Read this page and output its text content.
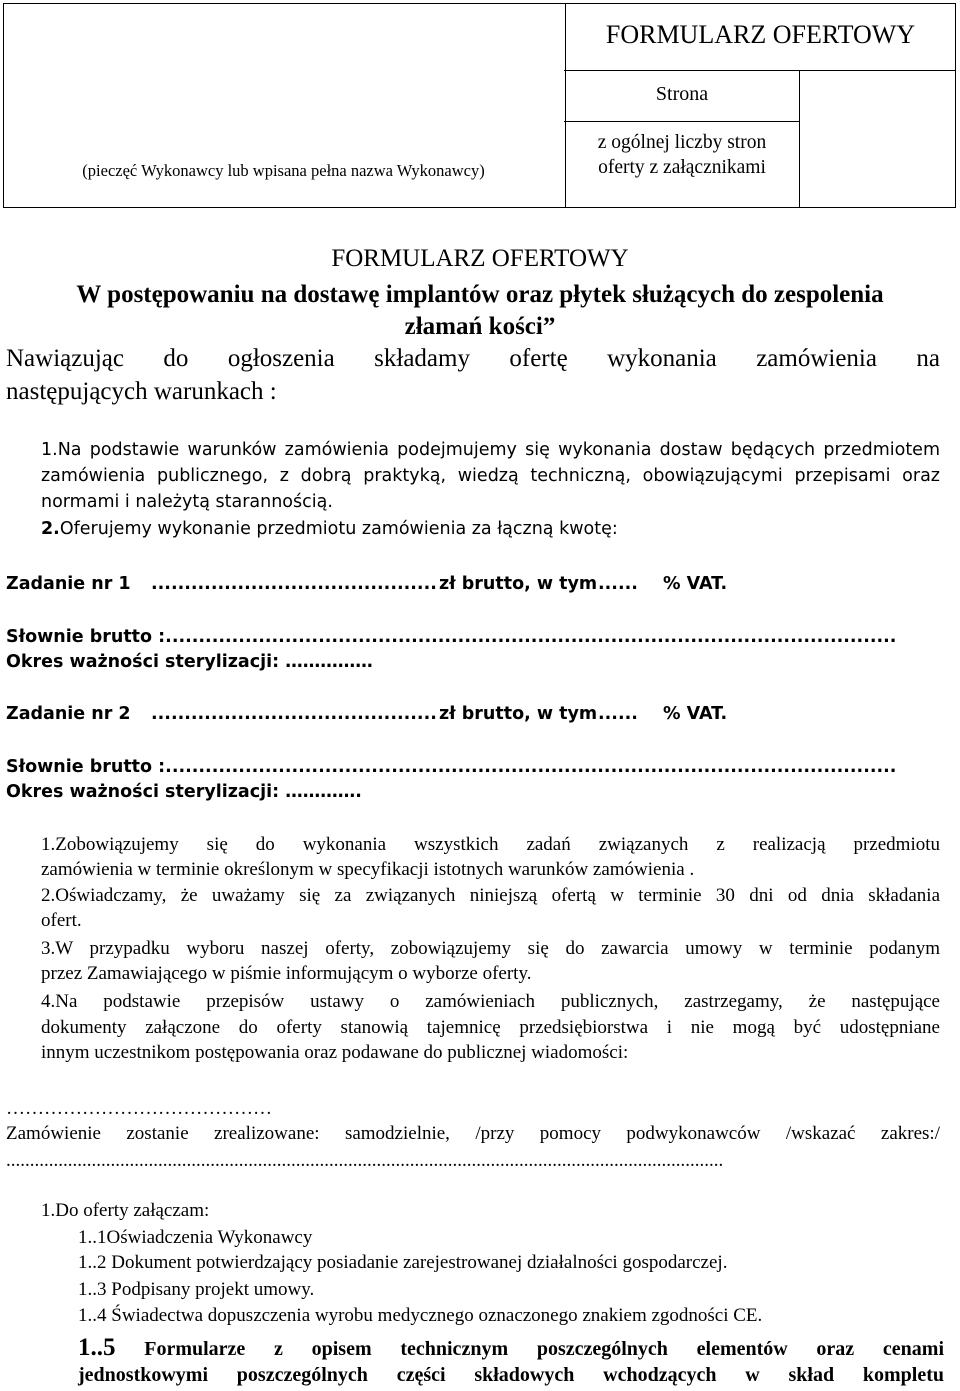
FORMULARZ OFERTOWY
(pieczęć Wykonawcy lub wpisana pełna nazwa Wykonawcy)
Strona
z ogólnej liczby stron
oferty z załącznikami
FORMULARZ OFERTOWY
W postępowaniu na dostawę implantów oraz płytek służących do zespolenia
złamań kości”
Nawiązując do ogłoszenia składamy ofertę wykonania zamówienia na
następujących warunkach :
1.Na podstawie warunków zamówienia podejmujemy się wykonania dostaw będących przedmiotem
zamówienia publicznego, z dobrą praktyką, wiedzą techniczną, obowiązującymi przepisami oraz
normami i należytą starannością.
2.Oferujemy wykonanie przedmiotu zamówienia za łączną kwotę:
Zadanie nr 1 ........................................... zł brutto, w tym ...... % VAT.
Słownie brutto :..............................................................................................................
Okres ważności sterylizacji: ……………
Zadanie nr 2 ........................................... zł brutto, w tym ...... % VAT.
Słownie brutto :..............................................................................................................
Okres ważności sterylizacji: ………….
1.Zobowiązujemy się do wykonania wszystkich zadań związanych z realizacją przedmiotu
zamówienia w terminie określonym w specyfikacji istotnych warunków zamówienia .
2.Oświadczamy, że uważamy się za związanych niniejszą ofertą w terminie 30 dni od dnia składania
ofert.
3.W przypadku wyboru naszej oferty, zobowiązujemy się do zawarcia umowy w terminie podanym
przez Zamawiającego w piśmie informującym o wyborze oferty.
4.Na podstawie przepisów ustawy o zamówieniach publicznych, zastrzegamy, że następujące
dokumenty załączone do oferty stanowią tajemnicę przedsiębiorstwa i nie mogą być udostępniane
innym uczestnikom postępowania oraz podawane do publicznej wiadomości:
……………………………………
Zamówienie zostanie zrealizowane: samodzielnie, /przy pomocy podwykonawców /wskazać zakres:/
.......................................................................................................................................................
1.Do oferty załączam:
1..1Oświadczenia Wykonawcy
1..2 Dokument potwierdzający posiadanie zarejestrowanej działalności gospodarczej.
1..3 Podpisany projekt umowy.
1..4 Świadectwa dopuszczenia wyrobu medycznego oznaczonego znakiem zgodności CE.
1..5 Formularze z opisem technicznym poszczególnych elementów oraz cenami
jednostkowymi poszczególnych części składowych wchodzących w skład kompletu
